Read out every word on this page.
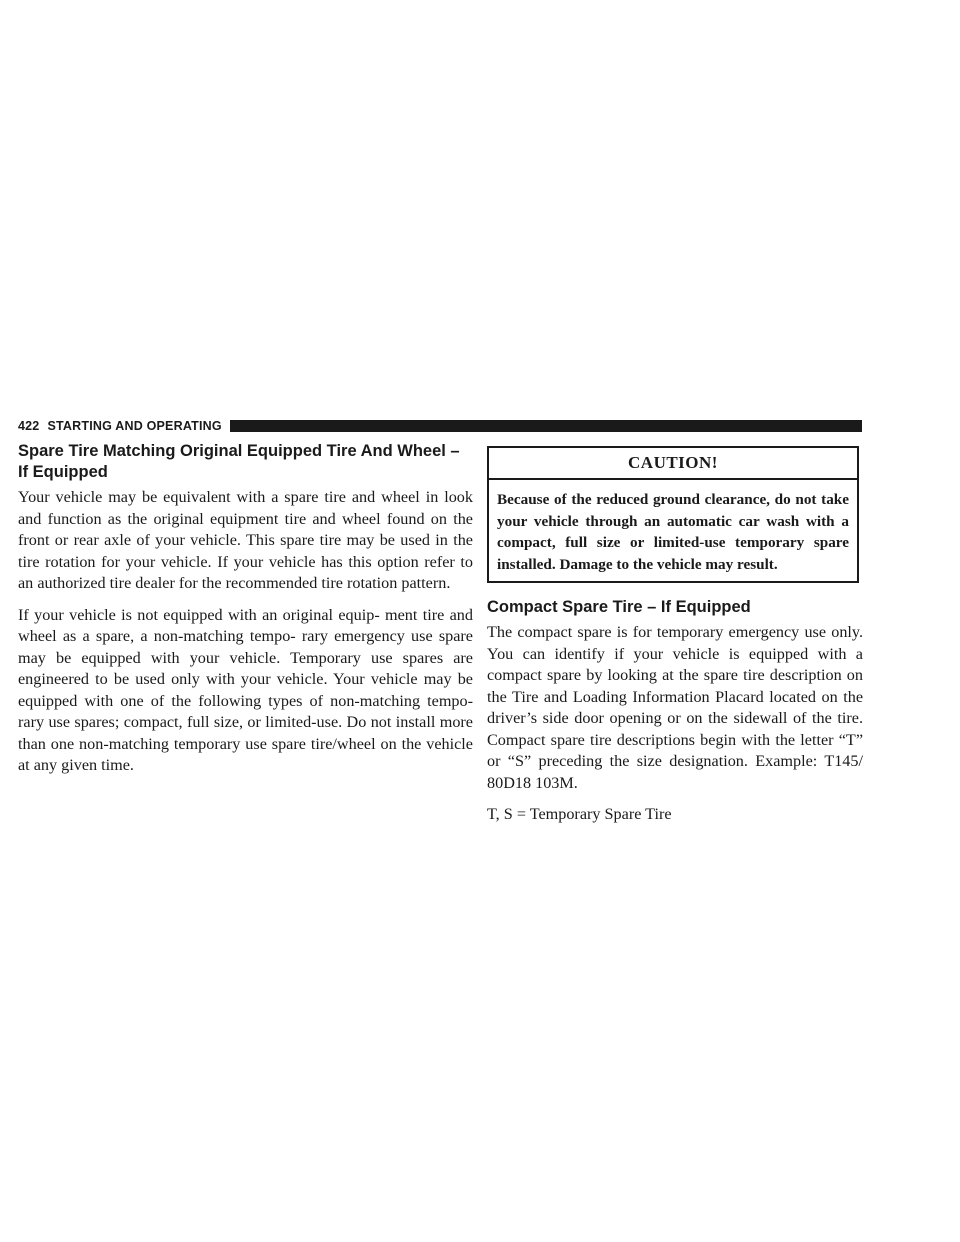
422 STARTING AND OPERATING
Spare Tire Matching Original Equipped Tire And Wheel – If Equipped

Your vehicle may be equivalent with a spare tire and wheel in look and function as the original equipment tire and wheel found on the front or rear axle of your vehicle. This spare tire may be used in the tire rotation for your vehicle. If your vehicle has this option refer to an authorized tire dealer for the recommended tire rotation pattern.

If your vehicle is not equipped with an original equip- ment tire and wheel as a spare, a non-matching tempo- rary emergency use spare may be equipped with your vehicle. Temporary use spares are engineered to be used only with your vehicle. Your vehicle may be equipped with one of the following types of non-matching tempo- rary use spares; compact, full size, or limited-use. Do not install more than one non-matching temporary use spare tire/wheel on the vehicle at any given time.

CAUTION!
Because of the reduced ground clearance, do not take your vehicle through an automatic car wash with a compact, full size or limited-use temporary spare installed. Damage to the vehicle may result.
Compact Spare Tire – If Equipped

The compact spare is for temporary emergency use only. You can identify if your vehicle is equipped with a compact spare by looking at the spare tire description on the Tire and Loading Information Placard located on the driver’s side door opening or on the sidewall of the tire. Compact spare tire descriptions begin with the letter “T” or “S” preceding the size designation. Example: T145/ 80D18 103M.

T, S = Temporary Spare Tire
